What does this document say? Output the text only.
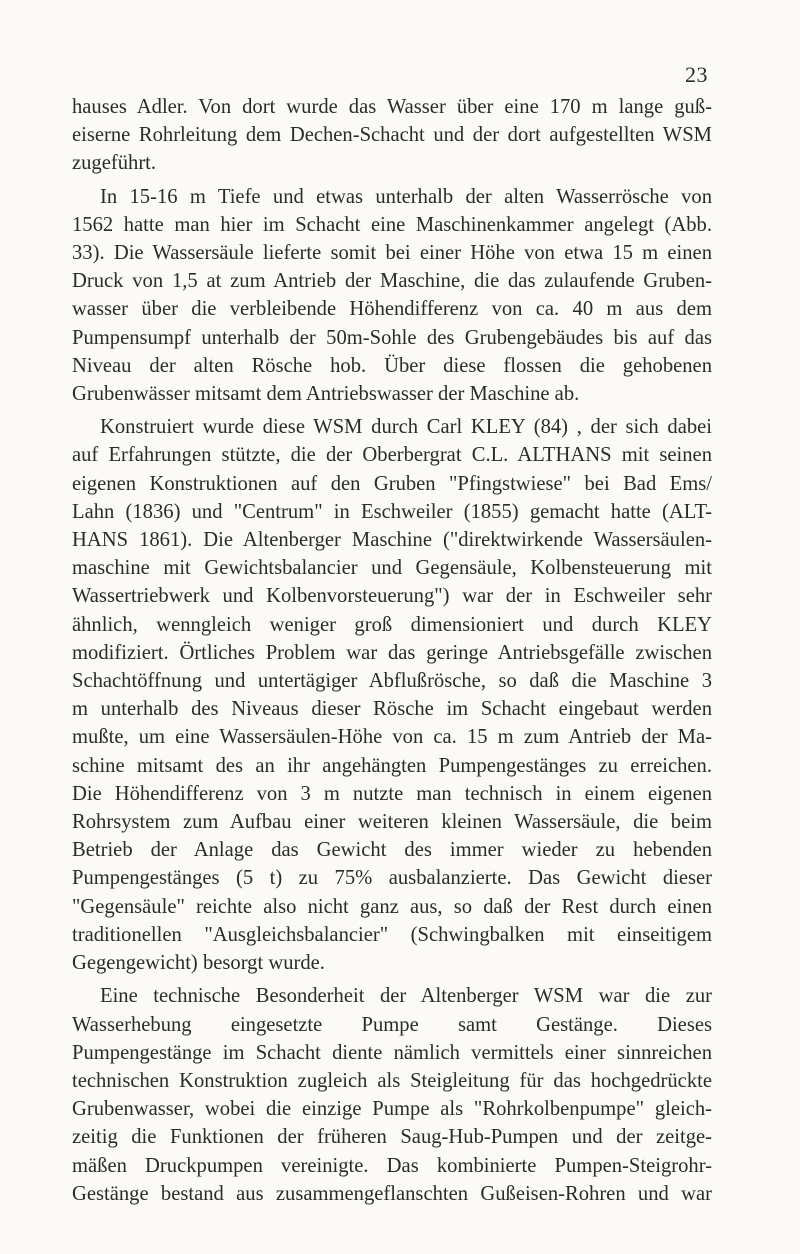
23
hauses Adler. Von dort wurde das Wasser über eine 170 m lange guß-
eiserne Rohrleitung dem Dechen-Schacht und der dort aufgestellten WSM
zugeführt.
In 15-16 m Tiefe und etwas unterhalb der alten Wasserrösche von
1562 hatte man hier im Schacht eine Maschinenkammer angelegt (Abb.
33). Die Wassersäule lieferte somit bei einer Höhe von etwa 15 m einen
Druck von 1,5 at zum Antrieb der Maschine, die das zulaufende Gruben-
wasser über die verbleibende Höhendifferenz von ca. 40 m aus dem
Pumpensumpf unterhalb der 50m-Sohle des Grubengebäudes bis auf das
Niveau der alten Rösche hob. Über diese flossen die gehobenen
Grubenwässer mitsamt dem Antriebswasser der Maschine ab.
Konstruiert wurde diese WSM durch Carl KLEY (84) , der sich dabei
auf Erfahrungen stützte, die der Oberbergrat C.L. ALTHANS mit seinen
eigenen Konstruktionen auf den Gruben "Pfingstwiese" bei Bad Ems/
Lahn (1836) und "Centrum" in Eschweiler (1855) gemacht hatte (ALT-
HANS 1861). Die Altenberger Maschine ("direktwirkende Wassersäulen-
maschine mit Gewichtsbalancier und Gegensäule, Kolbensteuerung mit
Wassertriebwerk und Kolbenvorsteuerung") war der in Eschweiler sehr
ähnlich, wenngleich weniger groß dimensioniert und durch KLEY
modifiziert. Örtliches Problem war das geringe Antriebsgefälle zwischen
Schachtöffnung und untertägiger Abflußrösche, so daß die Maschine 3
m unterhalb des Niveaus dieser Rösche im Schacht eingebaut werden
mußte, um eine Wassersäulen-Höhe von ca. 15 m zum Antrieb der Ma-
schine mitsamt des an ihr angehängten Pumpengestänges zu erreichen.
Die Höhendifferenz von 3 m nutzte man technisch in einem eigenen
Rohrsystem zum Aufbau einer weiteren kleinen Wassersäule, die beim
Betrieb der Anlage das Gewicht des immer wieder zu hebenden
Pumpengestänges (5 t) zu 75% ausbalanzierte. Das Gewicht dieser
"Gegensäule" reichte also nicht ganz aus, so daß der Rest durch einen
traditionellen "Ausgleichsbalancier" (Schwingbalken mit einseitigem
Gegengewicht) besorgt wurde.
Eine technische Besonderheit der Altenberger WSM war die zur
Wasserhebung eingesetzte Pumpe samt Gestänge. Dieses
Pumpengestänge im Schacht diente nämlich vermittels einer sinnreichen
technischen Konstruktion zugleich als Steigleitung für das hochgedrückte
Grubenwasser, wobei die einzige Pumpe als "Rohrkolbenpumpe" gleich-
zeitig die Funktionen der früheren Saug-Hub-Pumpen und der zeitge-
mäßen Druckpumpen vereinigte. Das kombinierte Pumpen-Steigrohr-
Gestänge bestand aus zusammengeflanschten Gußeisen-Rohren und war
